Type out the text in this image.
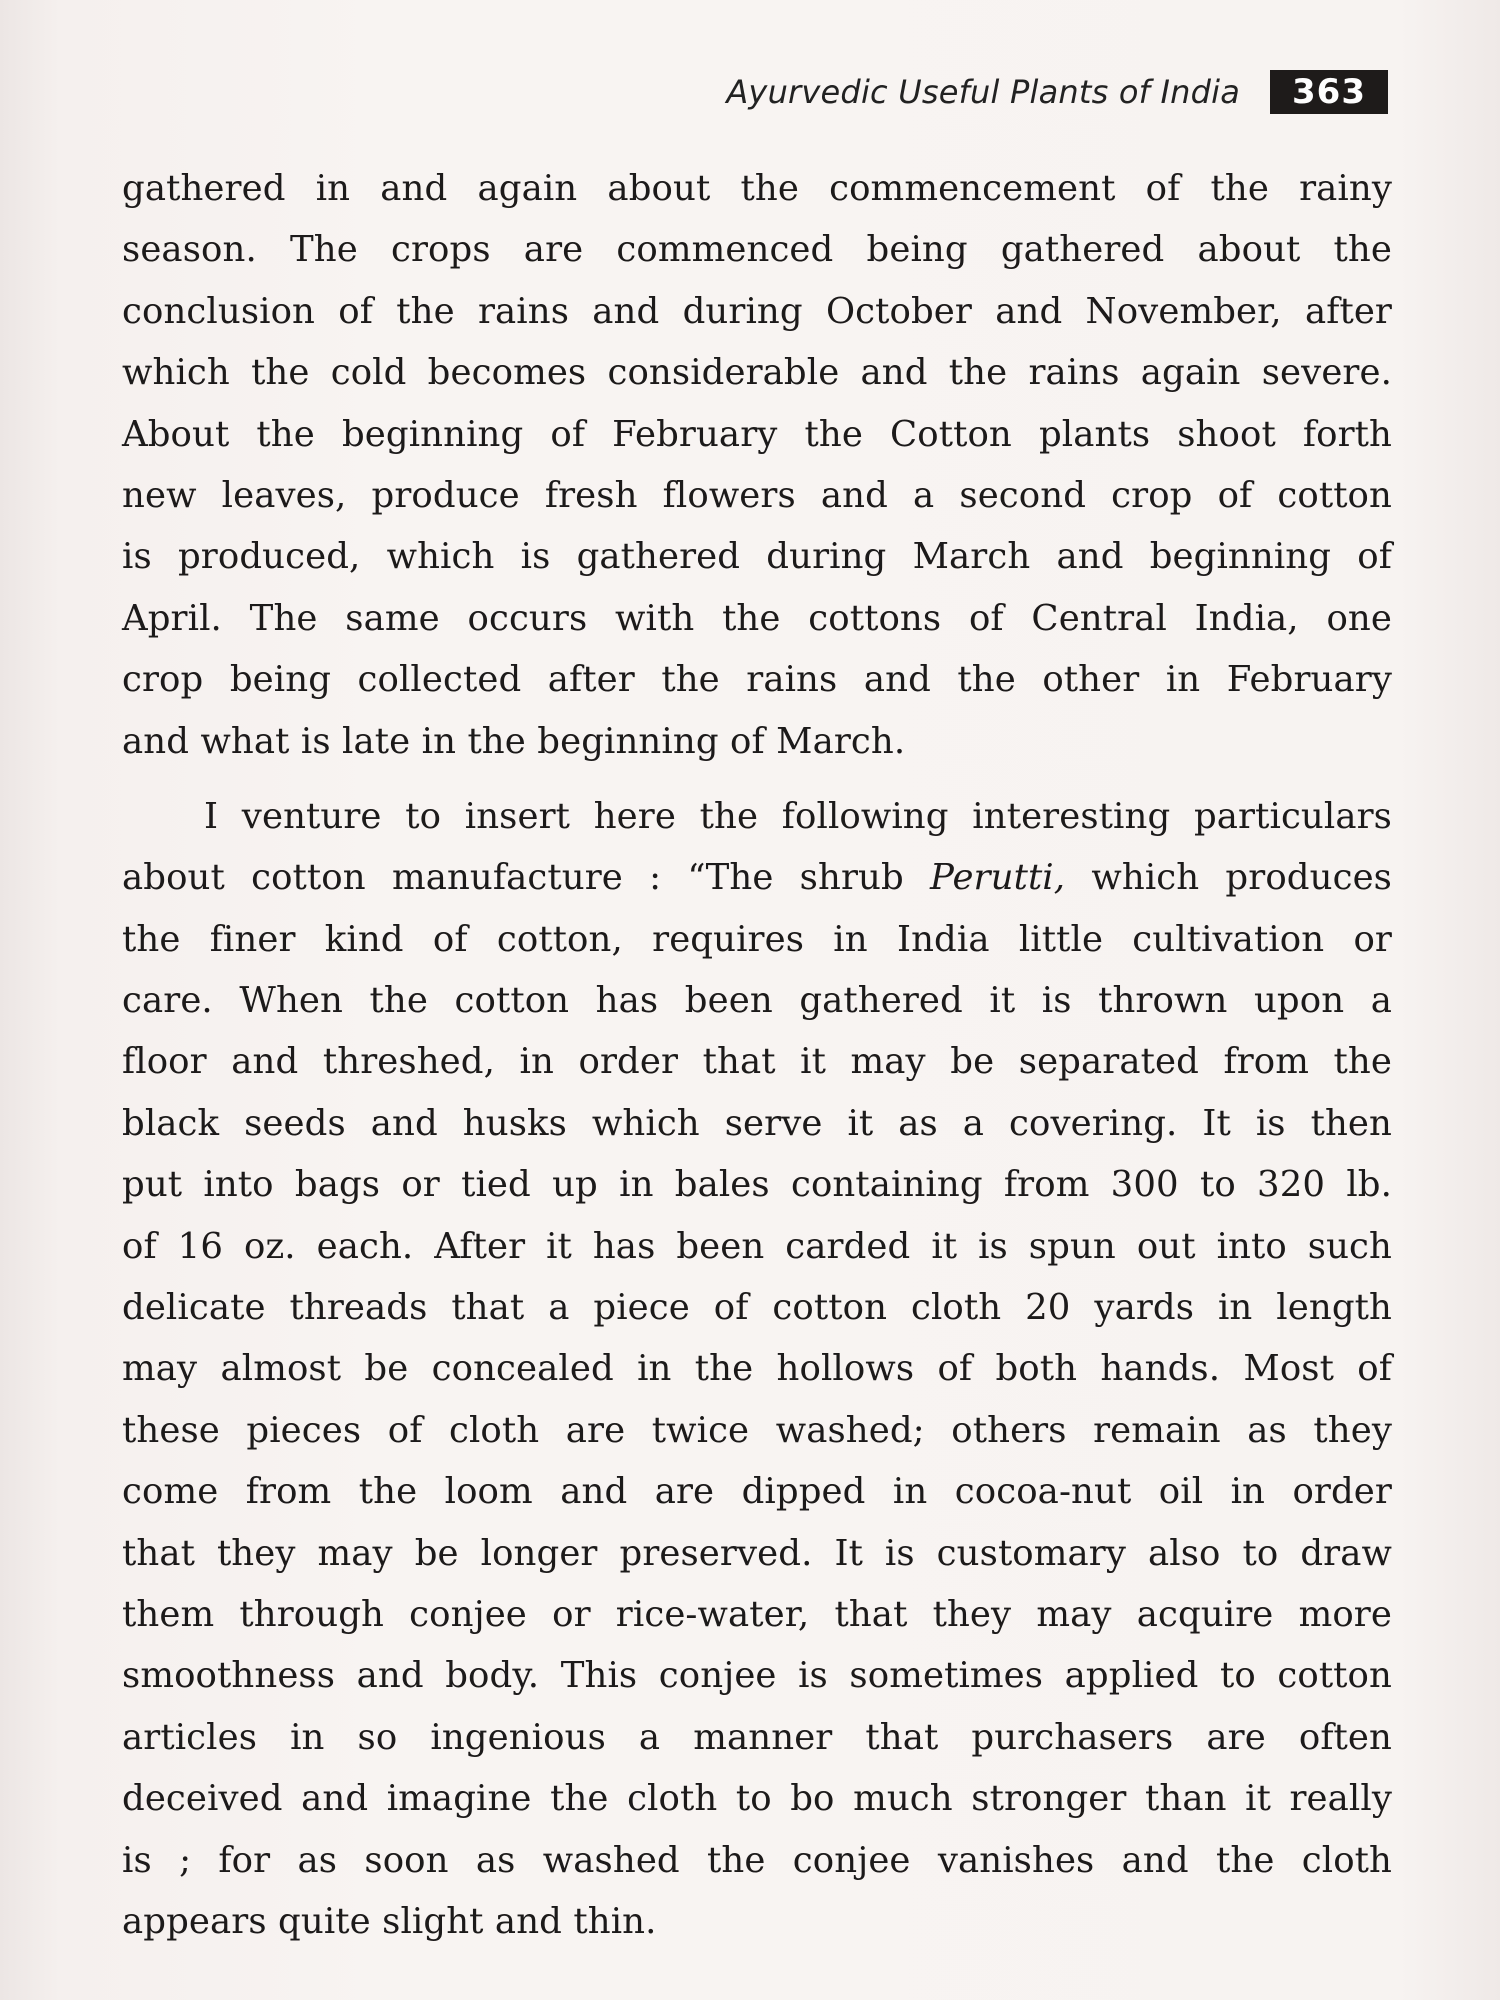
Ayurvedic Useful Plants of India	363
gathered in and again about the commencement of the rainy
season. The crops are commenced being gathered about the
conclusion of the rains and during October and November, after
which the cold becomes considerable and the rains again severe.
About the beginning of February the Cotton plants shoot forth
new leaves, produce fresh flowers and a second crop of cotton
is produced, which is gathered during March and beginning of
April. The same occurs with the cottons of Central India, one
crop being collected after the rains and the other in February
and what is late in the beginning of March.
I venture to insert here the following interesting particulars
about cotton manufacture : “The shrub Perutti, which produces
the finer kind of cotton, requires in India little cultivation or
care. When the cotton has been gathered it is thrown upon a
floor and threshed, in order that it may be separated from the
black seeds and husks which serve it as a covering. It is then
put into bags or tied up in bales containing from 300 to 320 lb.
of 16 oz. each. After it has been carded it is spun out into such
delicate threads that a piece of cotton cloth 20 yards in length
may almost be concealed in the hollows of both hands. Most of
these pieces of cloth are twice washed; others remain as they
come from the loom and are dipped in cocoa-nut oil in order
that they may be longer preserved. It is customary also to draw
them through conjee or rice-water, that they may acquire more
smoothness and body. This conjee is sometimes applied to cotton
articles in so ingenious a manner that purchasers are often
deceived and imagine the cloth to bo much stronger than it really
is ; for as soon as washed the conjee vanishes and the cloth
appears quite slight and thin.
